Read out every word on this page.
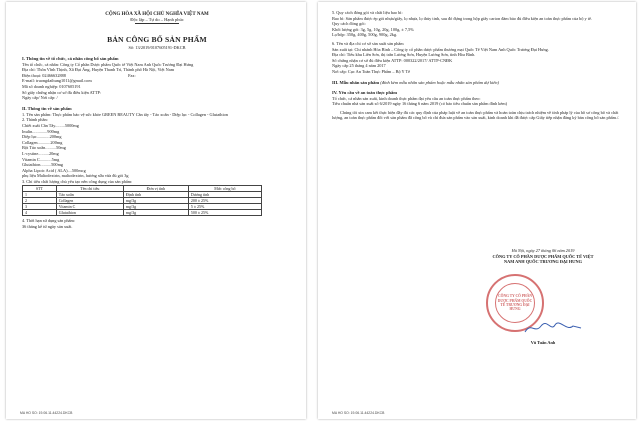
CỘNG HÒA XÃ HỘI CHỦ NGHĨA VIỆT NAM

Độc lập – Tự do – Hạnh phúc

BẢN CÔNG BỐ SẢN PHẨM

Số: 13/2019/0107605191-DKCB

I. Thông tin về tổ chức, cá nhân công bố sản phẩm

Tên tổ chức, cá nhân: Công ty Cổ phần Dược phẩm Quốc tế Việt Nam Anh Quốc Trương Đại Hưng

Địa chỉ: Thôn Vĩnh Thịnh, Xã Đại Áng, Huyện Thanh Trì, Thành phố Hà Nội, Việt Nam

Điện thoại: 02466632888	Fax:

E-mail: truongdaihung1011@gmail.com

Mã số doanh nghiệp: 0107605191

Số giấy chứng nhận cơ sở đủ điều kiện ATTP:

Ngày cấp/ Nơi cấp: /

II. Thông tin về sản phẩm

1. Tên sản phẩm: Thực phẩm bảo vệ sức khỏe GREEN BEAUTY Cần tây - Táo xoắn - Diệp lục - Collagen - Glutathion

2. Thành phần:

Chiết xuất Cần Tây.........5000mg

Inulin..............900mg

Diệp lục............200mg

Collagen............200mg

Bột Táo xoắn..........50mg

L-cystine..........20mg

Vitamin C...........5mg

Glutathion..........500mg

Alpha Lipoic Acid ( ALA)....500mcg

phụ liệu Maltodextrin, maltodextrin, hương sữa vừa đủ gói 3g

3. Chỉ tiêu chất lượng chủ yếu tạo nên công dụng của sản phẩm:

STT	Tên chỉ tiêu	Đơn vị tính	Mức công bố
1	Táo xoắn	Định tính	Dương tính
2	Collagen	mg/3g	200 ± 25%
3	Vitamin C	mg/3g	5 ± 25%
4	Glutathion	mg/3g	500 ± 25%

4. Thời hạn sử dụng sản phẩm:

36 tháng kể từ ngày sản xuất.

MA HO SO: 19.06.11.44224.DKCB

5. Quy cách đóng gói và chất liệu bao bì:

Bao bì: Sản phẩm được ép gói nhựa/giấy, lọ nhựa, lọ thủy tinh, sau đó đựng trong hộp giấy carton đảm bảo đủ điều kiện an toàn thực phẩm của bộ y tế.

Quy cách đóng gói:

Khối lượng gói: 3g, 5g, 10g, 20g, 100g, ± 7,5%

Lọ/hộp: 350g, 400g, 500g, 900g, 2kg.

6. Tên và địa chỉ cơ sở sản xuất sản phẩm

Sản xuất tại: Chi nhánh Hòa Bình – Công ty cổ phần dược phẩm thương mại Quốc Tế Việt Nam Anh Quốc Trương Đại Hưng.

Địa chỉ: Tiểu khu Liên Sơn, thị trấn Lương Sơn, Huyện Lương Sơn, tỉnh Hòa Bình.

Số chứng nhận cơ sở đủ điều kiện ATTP: 000322/2017/ ATTP-CNĐK

Ngày cấp 25 tháng 4 năm 2017

Nơi cấp: Cục An Toàn Thực Phẩm – Bộ Y Tế

III. Mẫu nhãn sản phẩm (đính kèm mẫu nhãn sản phẩm hoặc mẫu nhãn sản phẩm dự kiến)

IV. Yêu cầu về an toàn thực phẩm

Tổ chức, cá nhân sản xuất, kinh doanh thực phẩm đạt yêu cầu an toàn thực phẩm theo:

Tiêu chuẩn nhà sản xuất số 6/2019 ngày 16 tháng 6 năm 2019 (có bảo tiêu chuẩn sản phẩm đính kèm)

Chúng tôi xin cam kết thực hiện đầy đủ các quy định của pháp luật về an toàn thực phẩm và hoàn toàn chịu trách nhiệm về tính pháp lý của hồ sơ công bố và chất lượng, an toàn thực phẩm đối với sản phẩm đã công bố và chỉ đưa sản phẩm vào sản xuất, kinh doanh khi đã được cấp Giấy tiếp nhận đăng ký bản công bố sản phẩm./.

Hà Nội, ngày 27 tháng 06 năm 2019

CÔNG TY CỔ PHẦN DƯỢC PHẨM QUỐC TẾ VIỆT

NAM ANH QUỐC TRƯƠNG ĐẠI HƯNG

CÔNG TY CỔ PHẦN DƯỢC PHẨM QUỐC TẾ TRƯƠNG ĐẠI HƯNG

Vũ Tuấn Anh

MA HO SO: 19.06.11.44224.DKCB
